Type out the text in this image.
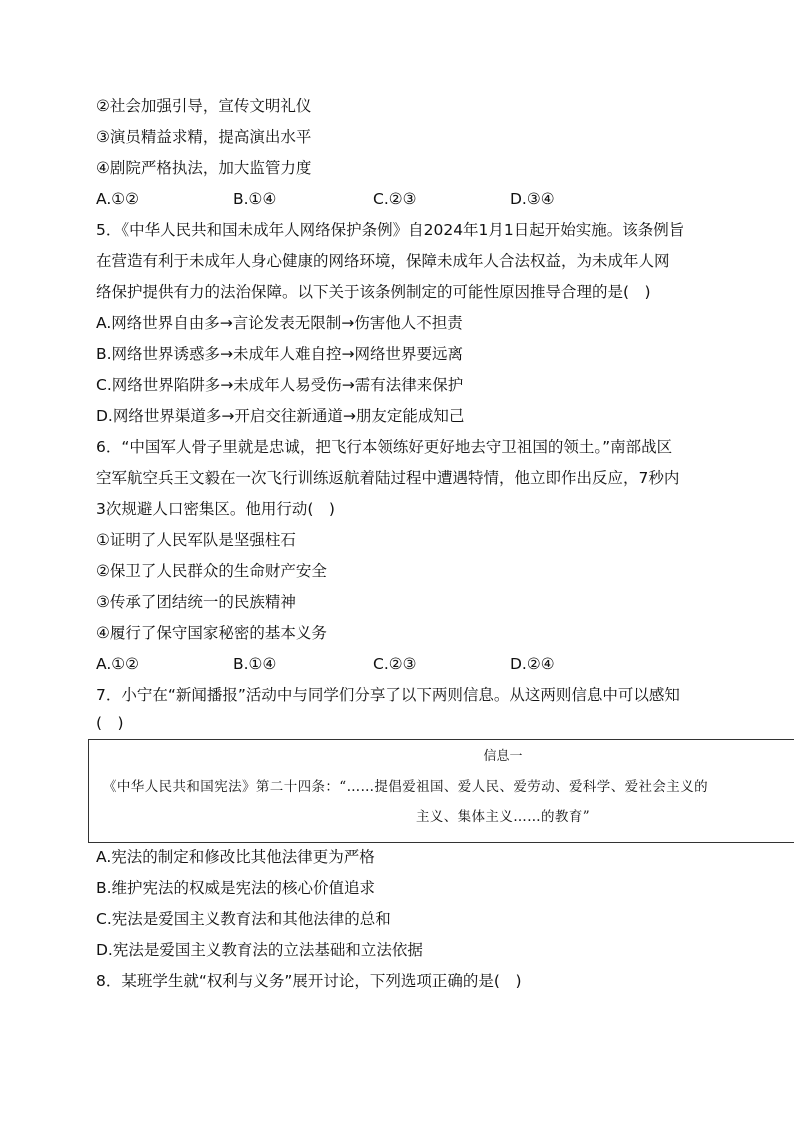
②社会加强引导，宣传文明礼仪
③演员精益求精，提高演出水平
④剧院严格执法，加大监管力度
A.①②	B.①④	C.②③	D.③④
5．《中华人民共和国未成年人网络保护条例》自2024年1月1日起开始实施。该条例旨
在营造有利于未成年人身心健康的网络环境，保障未成年人合法权益，为未成年人网
络保护提供有力的法治保障。以下关于该条例制定的可能性原因推导合理的是(　)
A.网络世界自由多→言论发表无限制→伤害他人不担责
B.网络世界诱惑多→未成年人难自控→网络世界要远离
C.网络世界陷阱多→未成年人易受伤→需有法律来保护
D.网络世界渠道多→开启交往新通道→朋友定能成知己
6．“中国军人骨子里就是忠诚，把飞行本领练好更好地去守卫祖国的领土。”南部战区
空军航空兵王文毅在一次飞行训练返航着陆过程中遭遇特情，他立即作出反应，7秒内
3次规避人口密集区。他用行动(　)
①证明了人民军队是坚强柱石
②保卫了人民群众的生命财产安全
③传承了团结统一的民族精神
④履行了保守国家秘密的基本义务
A.①②	B.①④	C.②③	D.②④
7．小宁在“新闻播报”活动中与同学们分享了以下两则信息。从这两则信息中可以感知
(　)
信息一
《中华人民共和国宪法》第二十四条：“……提倡爱祖国、爱人民、爱劳动、爱科学、爱社会主义的
主义、集体主义……的教育”
A.宪法的制定和修改比其他法律更为严格
B.维护宪法的权威是宪法的核心价值追求
C.宪法是爱国主义教育法和其他法律的总和
D.宪法是爱国主义教育法的立法基础和立法依据
8．某班学生就“权利与义务”展开讨论，下列选项正确的是(　)
